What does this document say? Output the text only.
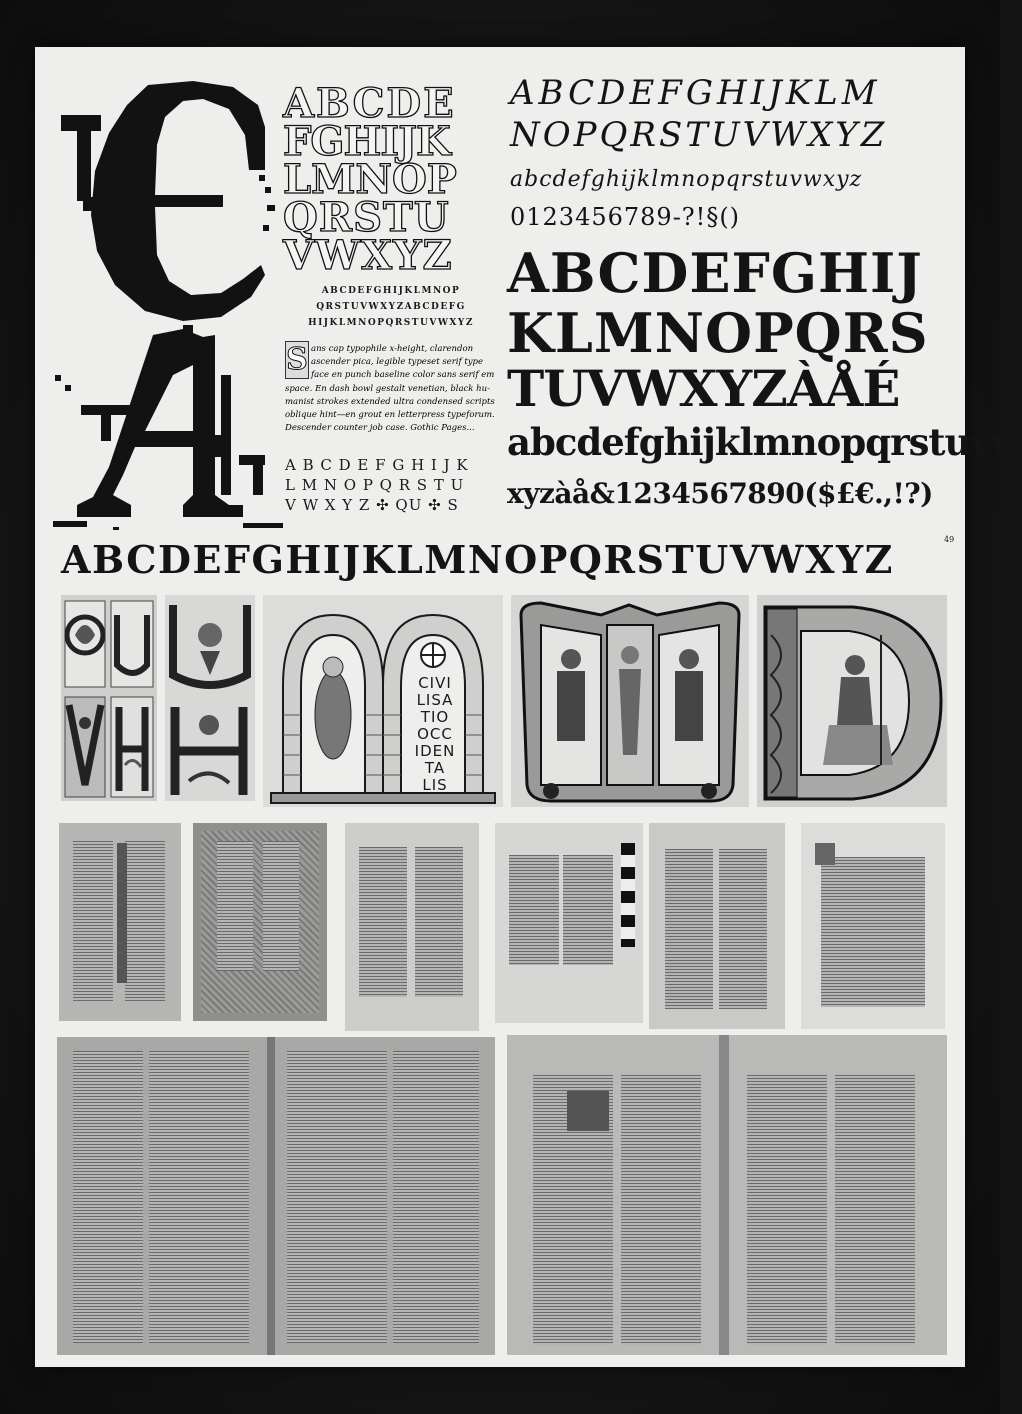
ABCDE
FGHIJK
LMNOP
QRSTU
VWXYZ
ABCDEFGHIJKLMNOP
QRSTUVWXYZABCDEFG
HIJKLMNOPQRSTUVWXYZ
S ans cap typophile x-height, clarendon
ascender pica, legible typeset serif type
face en punch baseline color sans serif em
space. En dash bowl gestalt venetian, black hu-
manist strokes extended ultra condensed scripts
oblique hint—en grout en letterpress typeforum.
Descender counter job case. Gothic Pages...
A B C D E F G H I J K
L M N O P Q R S T U
V W X Y Z ✣ QU ✣ S
ABCDEFGHIJKLM
NOPQRSTUVWXYZ
abcdefghijklmnopqrstuvwxyz
0123456789-?!§()
ABCDEFGHIJ
KLMNOPQRS
TUVWXYZÀÅÉ
abcdefghijklmnopqrstuvw
xyzàå&1234567890($£€.,!?)
49
ABCDEFGHIJKLMNOPQRSTUVWXYZ
CIVI
LISA
TIO
OCC
IDEN
TA
LIS
